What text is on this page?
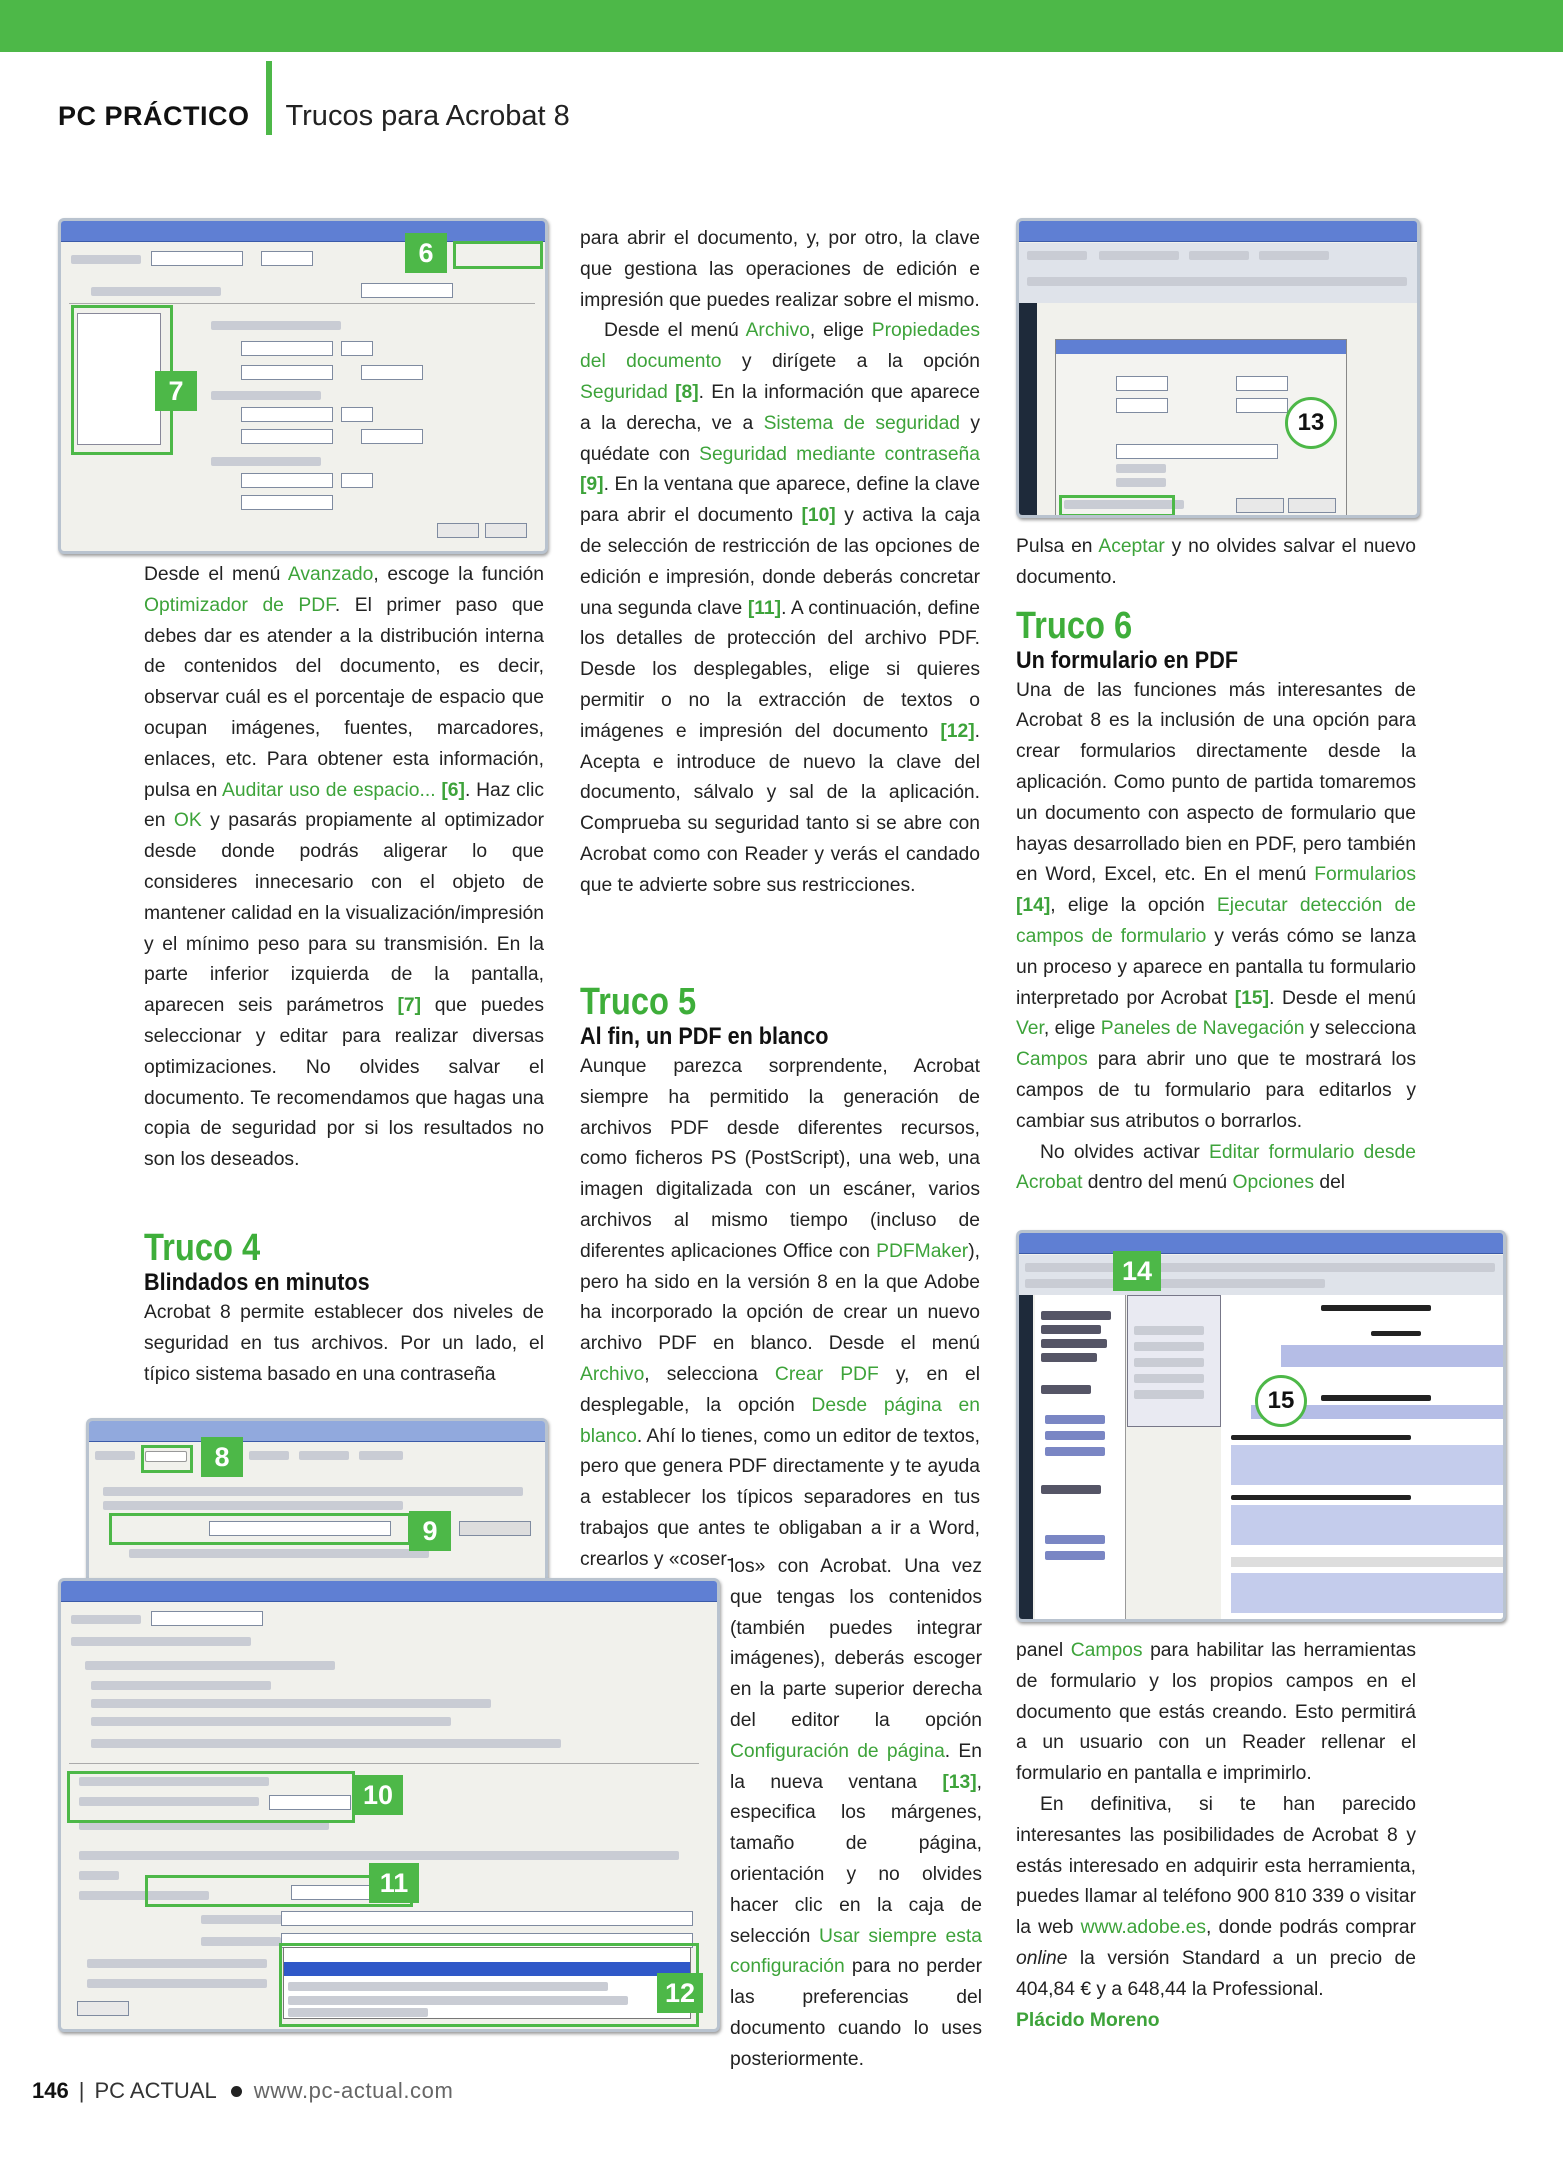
PC PRÁCTICO Trucos para Acrobat 8
6
7
8
9
10
11
12
13
14
15

Desde el menú Avanzado, escoge la función Optimizador de PDF. El primer paso que debes dar es atender a la distribución interna de contenidos del documento, es decir, observar cuál es el porcentaje de espacio que ocupan imágenes, fuentes, marcadores, enlaces, etc. Para obtener esta información, pulsa en Auditar uso de espacio... [6]. Haz clic en OK y pasarás propiamente al optimizador desde donde podrás aligerar lo que consideres innecesario con el objeto de mantener calidad en la visualización/impresión y el mínimo peso para su transmisión. En la parte inferior izquierda de la pantalla, aparecen seis parámetros [7] que puedes seleccionar y editar para realizar diversas optimizaciones. No olvides salvar el documento. Te recomendamos que hagas una copia de seguridad por si los resultados no son los deseados.

Truco 4

Blindados en minutos

Acrobat 8 permite establecer dos niveles de seguridad en tus archivos. Por un lado, el típico sistema basado en una contraseña

para abrir el documento, y, por otro, la clave que gestiona las operaciones de edición e impresión que puedes realizar sobre el mismo.

Desde el menú Archivo, elige Propiedades del documento y dirígete a la opción Seguridad [8]. En la información que aparece a la derecha, ve a Sistema de seguridad y quédate con Seguridad mediante contraseña [9]. En la ventana que aparece, define la clave para abrir el documento [10] y activa la caja de selección de restricción de las opciones de edición e impresión, donde deberás concretar una segunda clave [11]. A continuación, define los detalles de protección del archivo PDF. Desde los desplegables, elige si quieres permitir o no la extracción de textos o imágenes e impresión del documento [12]. Acepta e introduce de nuevo la clave del documento, sálvalo y sal de la aplicación. Comprueba su seguridad tanto si se abre con Acrobat como con Reader y verás el candado que te advierte sobre sus restricciones.

Truco 5

Al fin, un PDF en blanco

Aunque parezca sorprendente, Acrobat siempre ha permitido la generación de archivos PDF desde diferentes recursos, como ficheros PS (PostScript), una web, una imagen digitalizada con un escáner, varios archivos al mismo tiempo (incluso de diferentes aplicaciones Office con PDFMaker), pero ha sido en la versión 8 en la que Adobe ha incorporado la opción de crear un nuevo archivo PDF en blanco. Desde el menú Archivo, selecciona Crear PDF y, en el desplegable, la opción Desde página en blanco. Ahí lo tienes, como un editor de textos, pero que genera PDF directamente y te ayuda a establecer los típicos separadores en tus trabajos que antes te obligaban a ir a Word, crearlos y «coser-

los» con Acrobat. Una vez que tengas los contenidos (también puedes integrar imágenes), deberás escoger en la parte superior derecha del editor la opción Configuración de página. En la nueva ventana [13], especifica los márgenes, tamaño de página, orientación y no olvides hacer clic en la caja de selección Usar siempre esta configuración para no perder las preferencias del documento cuando lo uses posteriormente.

Pulsa en Aceptar y no olvides salvar el nuevo documento.

Truco 6

Un formulario en PDF

Una de las funciones más interesantes de Acrobat 8 es la inclusión de una opción para crear formularios directamente desde la aplicación. Como punto de partida tomaremos un documento con aspecto de formulario que hayas desarrollado bien en PDF, pero también en Word, Excel, etc. En el menú Formularios [14], elige la opción Ejecutar detección de campos de formulario y verás cómo se lanza un proceso y aparece en pantalla tu formulario interpretado por Acrobat [15]. Desde el menú Ver, elige Paneles de Navegación y selecciona Campos para abrir uno que te mostrará los campos de tu formulario para editarlos y cambiar sus atributos o borrarlos.

No olvides activar Editar formulario desde Acrobat dentro del menú Opciones del

panel Campos para habilitar las herramientas de formulario y los propios campos en el documento que estás creando. Esto permitirá a un usuario con un Reader rellenar el formulario en pantalla e imprimirlo.

En definitiva, si te han parecido interesantes las posibilidades de Acrobat 8 y estás interesado en adquirir esta herramienta, puedes llamar al teléfono 900 810 339 o visitar la web www.adobe.es, donde podrás comprar online la versión Standard a un precio de 404,84 € y a 648,44 la Professional.

Plácido Moreno

146 | PC ACTUAL www.pc-actual.com
